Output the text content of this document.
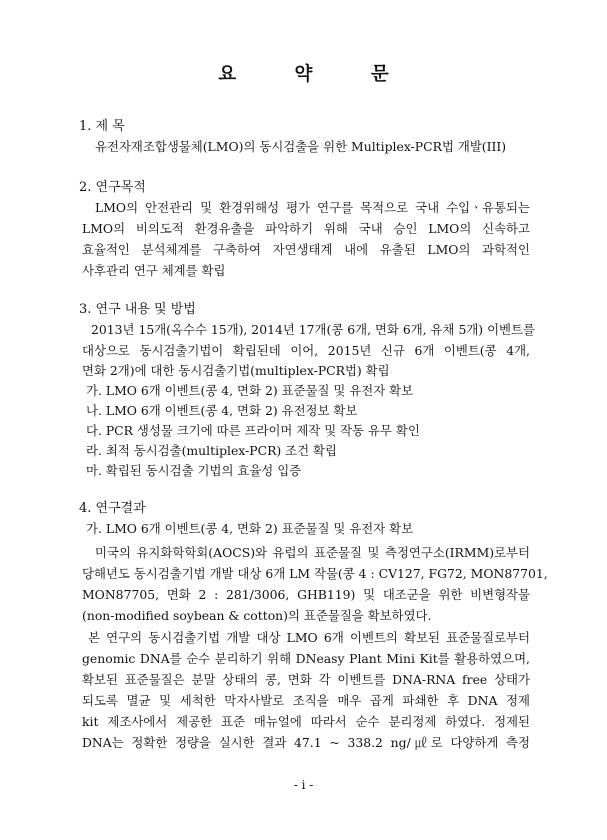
요 약 문
1. 제 목
유전자재조합생물체(LMO)의 동시검출을 위한 Multiplex-PCR법 개발(III)
2. 연구목적
LMO의 안전관리 및 환경위해성 평가 연구를 목적으로 국내 수입ㆍ유통되는
LMO의 비의도적 환경유출을 파악하기 위해 국내 승인 LMO의 신속하고
효율적인 분석체계를 구축하여 자연생태계 내에 유출된 LMO의 과학적인
사후관리 연구 체계를 확립
3. 연구 내용 및 방법
2013년 15개(옥수수 15개), 2014년 17개(콩 6개, 면화 6개, 유채 5개) 이벤트를
대상으로 동시검출기법이 확립된데 이어, 2015년 신규 6개 이벤트(콩 4개,
면화 2개)에 대한 동시검출기법(multiplex-PCR법) 확립
가. LMO 6개 이벤트(콩 4, 면화 2) 표준물질 및 유전자 확보
나. LMO 6개 이벤트(콩 4, 면화 2) 유전정보 확보
다. PCR 생성물 크기에 따른 프라이머 제작 및 작동 유무 확인
라. 최적 동시검출(multiplex-PCR) 조건 확립
마. 확립된 동시검출 기법의 효율성 입증
4. 연구결과
가. LMO 6개 이벤트(콩 4, 면화 2) 표준물질 및 유전자 확보
미국의 유지화학학회(AOCS)와 유럽의 표준물질 및 측정연구소(IRMM)로부터
당해년도 동시검출기법 개발 대상 6개 LM 작물(콩 4 : CV127, FG72, MON87701,
MON87705, 면화 2 : 281/3006, GHB119) 및 대조군을 위한 비변형작물
(non-modified soybean & cotton)의 표준물질을 확보하였다.
본 연구의 동시검출기법 개발 대상 LMO 6개 이벤트의 확보된 표준물질로부터
genomic DNA를 순수 분리하기 위해 DNeasy Plant Mini Kit를 활용하였으며,
확보된 표준물질은 분말 상태의 콩, 면화 각 이벤트를 DNA-RNA free 상태가
되도록 멸균 및 세척한 막자사발로 조직을 매우 곱게 파쇄한 후 DNA 정제
kit 제조사에서 제공한 표준 매뉴얼에 따라서 순수 분리정제 하였다. 정제된
DNA는 정확한 정량을 실시한 결과 47.1 ~ 338.2 ng/㎕로 다양하게 측정
- i -
